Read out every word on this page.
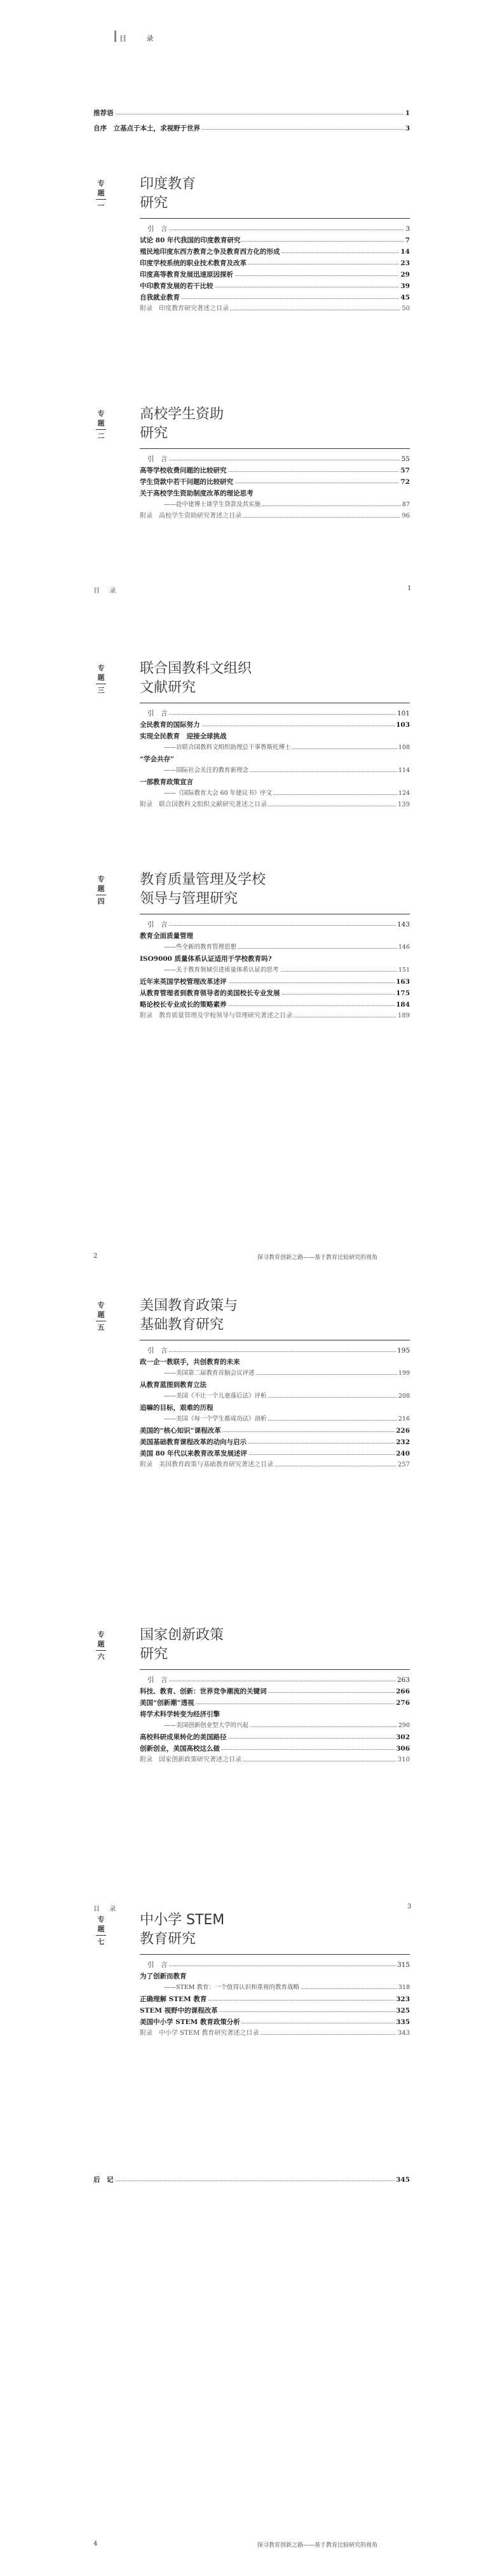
目 录
推荐语	1
自序　立基点于本土，求视野于世界	3
专
题
一
印度教育
研究
引　言	3
试论 80 年代我国的印度教育研究	7
殖民地印度东西方教育之争及教育西方化的形成	14
印度学校系统的职业技术教育及改革	23
印度高等教育发展迅速原因探析	29
中印教育发展的若干比较	39
自我就业教育	45
附录　印度教育研究著述之目录	50
专
题
二
高校学生资助
研究
引　言	55
高等学校收费问题的比较研究	57
学生贷款中若干问题的比较研究	72
关于高校学生资助制度改革的理论思考
——赴中建博士谈学生贷款及其实施	87
附录　高校学生资助研究著述之目录	96
专
题
三
联合国教科文组织
文献研究
引　言	101
全民教育的国际努力	103
实现全民教育　迎接全球挑战
——访联合国教科文组织助理总干事鲁斯托博士	108
“学会共存”
——国际社会关注的教育新理念	114
一部教育政策宣言
——《国际教育大会 60 年建议书》序文	124
附录　联合国教科文组织文献研究著述之目录	139
专
题
四
教育质量管理及学校
领导与管理研究
引　言	143
教育全面质量管理
——些全新的教育管理思想	146
ISO9000 质量体系认证适用于学校教育吗?
——关于教育领域引进质量体系认证的思考	151
近年来英国学校管理改革述评	163
从教育管理者到教育领导者的美国校长专业发展	175
略论校长专业成长的策略素养	184
附录　教育质量管理及学校领导与管理研究著述之目录	189
专
题
五
美国教育政策与
基础教育研究
引　言	195
政一企一教联手，共创教育的未来
——美国第二届教育首脑会议评述	199
从教育蓝图到教育立法
——美国《不让一个儿童落后法》评析	208
追嘛的目标，艰难的历程
——美国《每一个学生都成功法》剖析	216
美国的“核心知识”课程改革	226
美国基础教育课程改革的动向与启示	232
美国 80 年代以来教育改革发展述评	240
附录　美国教育政策与基础教育研究著述之目录	257
专
题
六
国家创新政策
研究
引　言	263
科技、教育、创新：世界竞争潮流的关键词	266
美国“创新潮”透视	276
将学术科学转变为经济引擎
——美国创新创业型大学的兴起	290
高校科研成果转化的美国路径	302
创新创业，美国高校这么做	306
附录　国家创新政策研究著述之目录	310
专
题
七
中小学 STEM
教育研究
引　言	315
为了创新而教育
——STEM 教育：一个值得认识和重视的教育战略	318
正确理解 STEM 教育	323
STEM 视野中的课程改革	325
美国中小学 STEM 教育政策分析	335
附录　中小学 STEM 教育研究著述之目录	343
后　记	345
目 录	1
2	探寻教育创新之路——基于教育比较研究的视角
目 录	3
4	探寻教育创新之路——基于教育比较研究的视角
